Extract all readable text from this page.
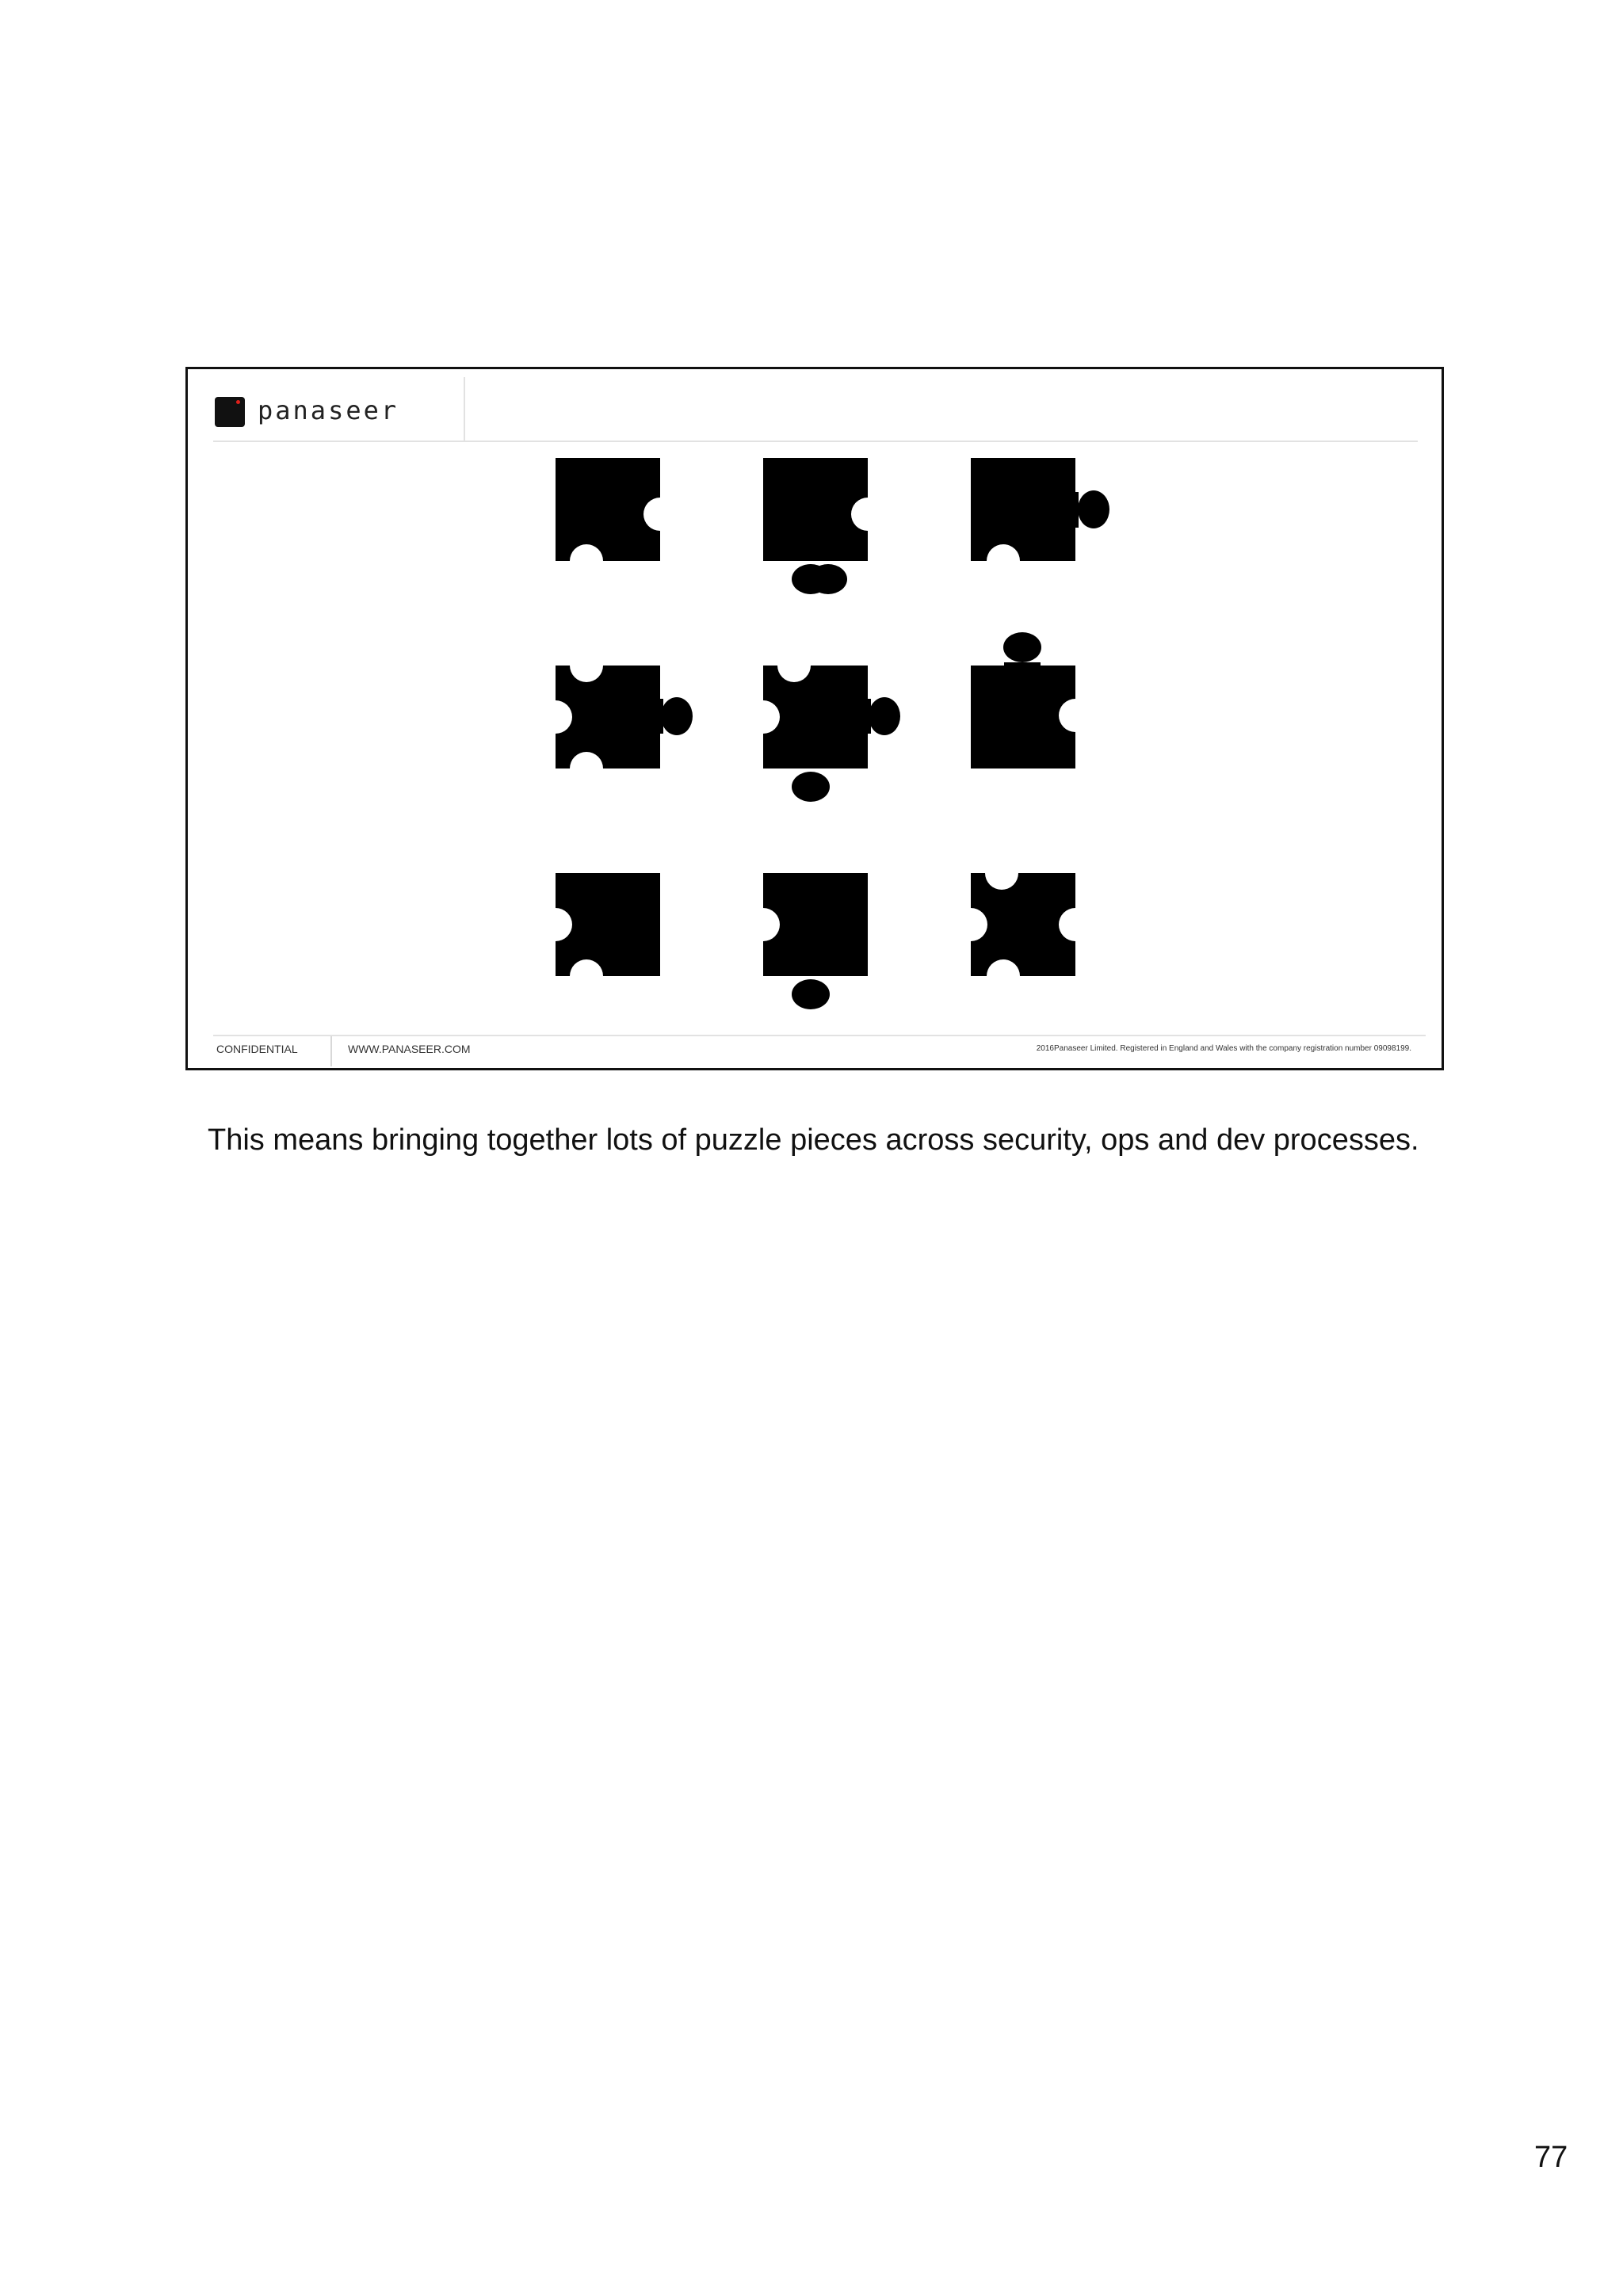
panaseer
CONFIDENTIAL	WWW.PANASEER.COM	2016Panaseer Limited. Registered in England and Wales with the company registration number 09098199.
This means bringing together lots of puzzle pieces across security, ops and dev processes.
77
